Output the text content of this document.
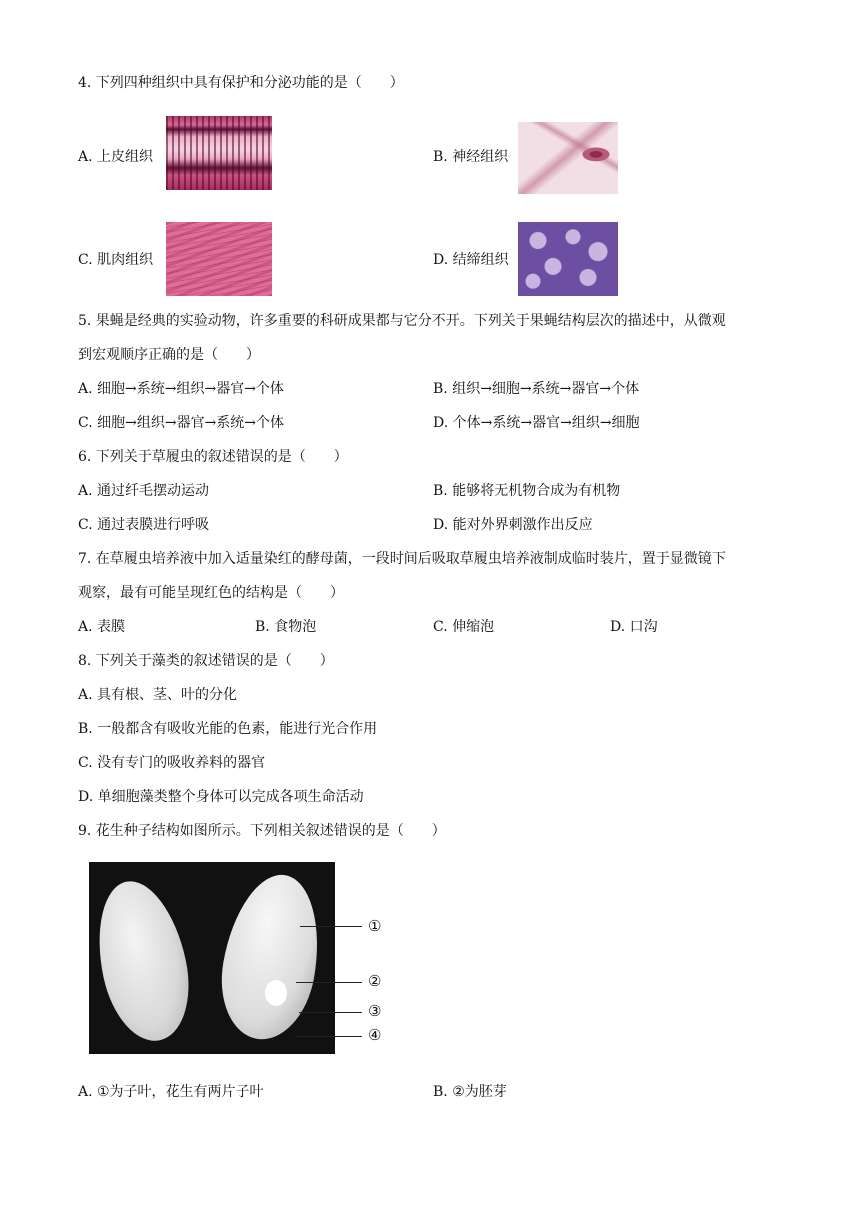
4. 下列四种组织中具有保护和分泌功能的是（　　）
A. 上皮组织	B. 神经组织
C. 肌肉组织	D. 结缔组织
5. 果蝇是经典的实验动物，许多重要的科研成果都与它分不开。下列关于果蝇结构层次的描述中，从微观
到宏观顺序正确的是（　　）
A. 细胞→系统→组织→器官→个体	B. 组织→细胞→系统→器官→个体
C. 细胞→组织→器官→系统→个体	D. 个体→系统→器官→组织→细胞
6. 下列关于草履虫的叙述错误的是（　　）
A. 通过纤毛摆动运动	B. 能够将无机物合成为有机物
C. 通过表膜进行呼吸	D. 能对外界刺激作出反应
7. 在草履虫培养液中加入适量染红的酵母菌，一段时间后吸取草履虫培养液制成临时装片，置于显微镜下
观察，最有可能呈现红色的结构是（　　）
A. 表膜	B. 食物泡	C. 伸缩泡	D. 口沟
8. 下列关于藻类的叙述错误的是（　　）
A. 具有根、茎、叶的分化
B. 一般都含有吸收光能的色素，能进行光合作用
C. 没有专门的吸收养料的器官
D. 单细胞藻类整个身体可以完成各项生命活动
9. 花生种子结构如图所示。下列相关叙述错误的是（　　）
①
②
③
④
A. ①为子叶，花生有两片子叶	B. ②为胚芽
